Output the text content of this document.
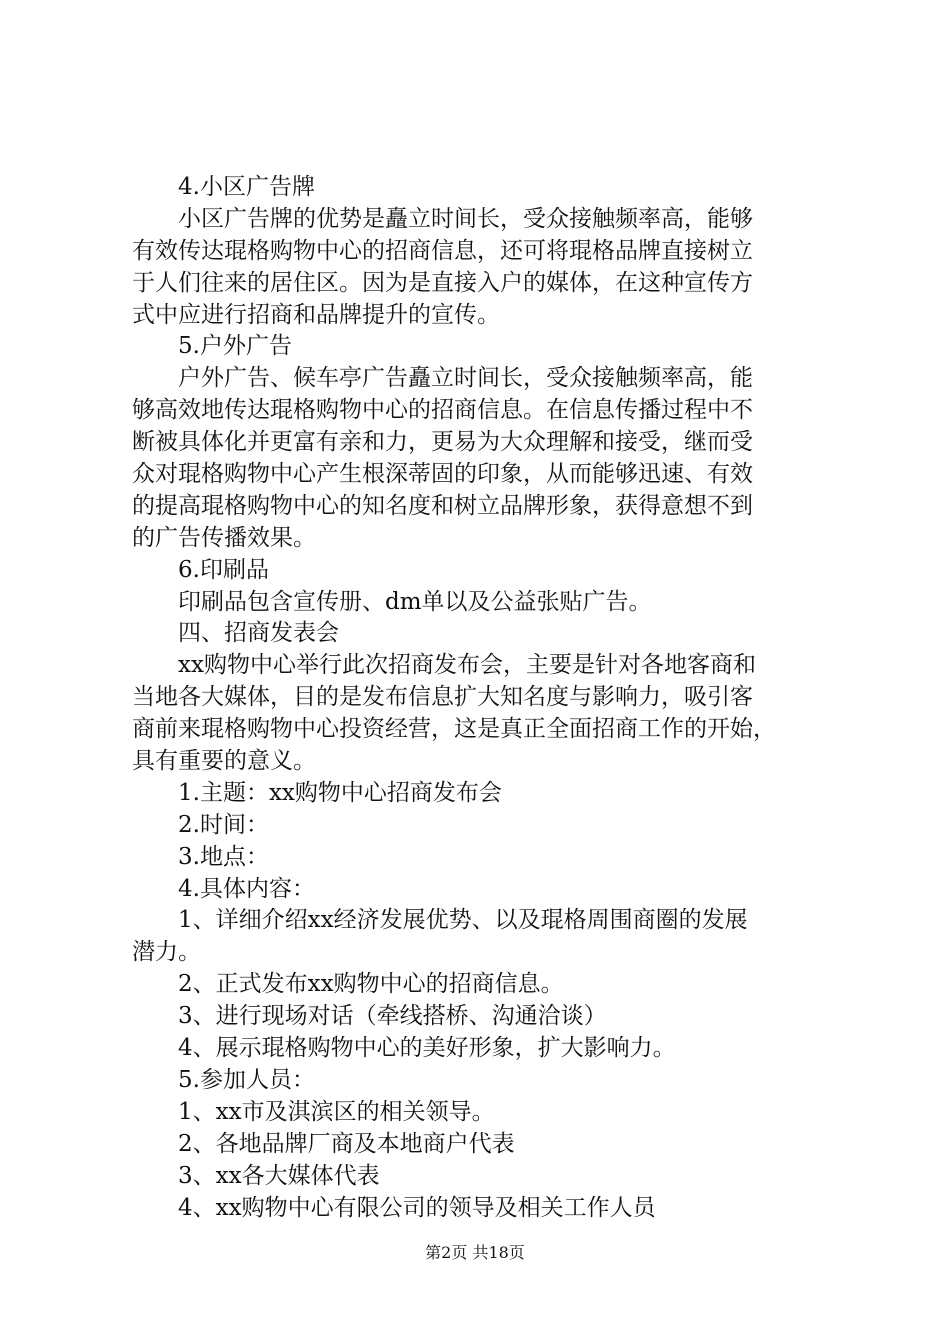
4.小区广告牌
小区广告牌的优势是矗立时间长，受众接触频率高，能够
有效传达琨格购物中心的招商信息，还可将琨格品牌直接树立
于人们往来的居住区。因为是直接入户的媒体，在这种宣传方
式中应进行招商和品牌提升的宣传。
5.户外广告
户外广告、候车亭广告矗立时间长，受众接触频率高，能
够高效地传达琨格购物中心的招商信息。在信息传播过程中不
断被具体化并更富有亲和力，更易为大众理解和接受，继而受
众对琨格购物中心产生根深蒂固的印象，从而能够迅速、有效
的提高琨格购物中心的知名度和树立品牌形象，获得意想不到
的广告传播效果。
6.印刷品
印刷品包含宣传册、dm单以及公益张贴广告。
四、招商发表会
xx购物中心举行此次招商发布会，主要是针对各地客商和
当地各大媒体，目的是发布信息扩大知名度与影响力，吸引客
商前来琨格购物中心投资经营，这是真正全面招商工作的开始，
具有重要的意义。
1.主题：xx购物中心招商发布会
2.时间：
3.地点：
4.具体内容：
1、详细介绍xx经济发展优势、以及琨格周围商圈的发展
潜力。
2、正式发布xx购物中心的招商信息。
3、进行现场对话（牵线搭桥、沟通洽谈）
4、展示琨格购物中心的美好形象，扩大影响力。
5.参加人员：
1、xx市及淇滨区的相关领导。
2、各地品牌厂商及本地商户代表
3、xx各大媒体代表
4、xx购物中心有限公司的领导及相关工作人员
第2页 共18页
